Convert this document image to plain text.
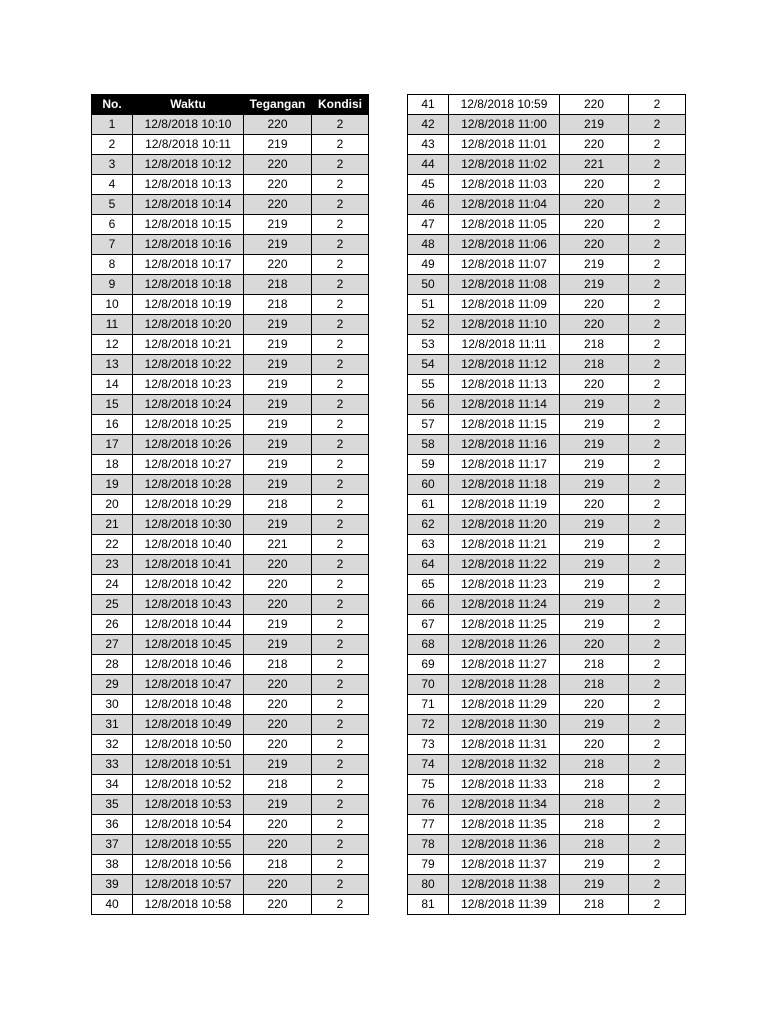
No.	Waktu	Tegangan	Kondisi
1	12/8/2018 10:10	220	2
2	12/8/2018 10:11	219	2
3	12/8/2018 10:12	220	2
4	12/8/2018 10:13	220	2
5	12/8/2018 10:14	220	2
6	12/8/2018 10:15	219	2
7	12/8/2018 10:16	219	2
8	12/8/2018 10:17	220	2
9	12/8/2018 10:18	218	2
10	12/8/2018 10:19	218	2
11	12/8/2018 10:20	219	2
12	12/8/2018 10:21	219	2
13	12/8/2018 10:22	219	2
14	12/8/2018 10:23	219	2
15	12/8/2018 10:24	219	2
16	12/8/2018 10:25	219	2
17	12/8/2018 10:26	219	2
18	12/8/2018 10:27	219	2
19	12/8/2018 10:28	219	2
20	12/8/2018 10:29	218	2
21	12/8/2018 10:30	219	2
22	12/8/2018 10:40	221	2
23	12/8/2018 10:41	220	2
24	12/8/2018 10:42	220	2
25	12/8/2018 10:43	220	2
26	12/8/2018 10:44	219	2
27	12/8/2018 10:45	219	2
28	12/8/2018 10:46	218	2
29	12/8/2018 10:47	220	2
30	12/8/2018 10:48	220	2
31	12/8/2018 10:49	220	2
32	12/8/2018 10:50	220	2
33	12/8/2018 10:51	219	2
34	12/8/2018 10:52	218	2
35	12/8/2018 10:53	219	2
36	12/8/2018 10:54	220	2
37	12/8/2018 10:55	220	2
38	12/8/2018 10:56	218	2
39	12/8/2018 10:57	220	2
40	12/8/2018 10:58	220	2
41	12/8/2018 10:59	220	2
42	12/8/2018 11:00	219	2
43	12/8/2018 11:01	220	2
44	12/8/2018 11:02	221	2
45	12/8/2018 11:03	220	2
46	12/8/2018 11:04	220	2
47	12/8/2018 11:05	220	2
48	12/8/2018 11:06	220	2
49	12/8/2018 11:07	219	2
50	12/8/2018 11:08	219	2
51	12/8/2018 11:09	220	2
52	12/8/2018 11:10	220	2
53	12/8/2018 11:11	218	2
54	12/8/2018 11:12	218	2
55	12/8/2018 11:13	220	2
56	12/8/2018 11:14	219	2
57	12/8/2018 11:15	219	2
58	12/8/2018 11:16	219	2
59	12/8/2018 11:17	219	2
60	12/8/2018 11:18	219	2
61	12/8/2018 11:19	220	2
62	12/8/2018 11:20	219	2
63	12/8/2018 11:21	219	2
64	12/8/2018 11:22	219	2
65	12/8/2018 11:23	219	2
66	12/8/2018 11:24	219	2
67	12/8/2018 11:25	219	2
68	12/8/2018 11:26	220	2
69	12/8/2018 11:27	218	2
70	12/8/2018 11:28	218	2
71	12/8/2018 11:29	220	2
72	12/8/2018 11:30	219	2
73	12/8/2018 11:31	220	2
74	12/8/2018 11:32	218	2
75	12/8/2018 11:33	218	2
76	12/8/2018 11:34	218	2
77	12/8/2018 11:35	218	2
78	12/8/2018 11:36	218	2
79	12/8/2018 11:37	219	2
80	12/8/2018 11:38	219	2
81	12/8/2018 11:39	218	2
